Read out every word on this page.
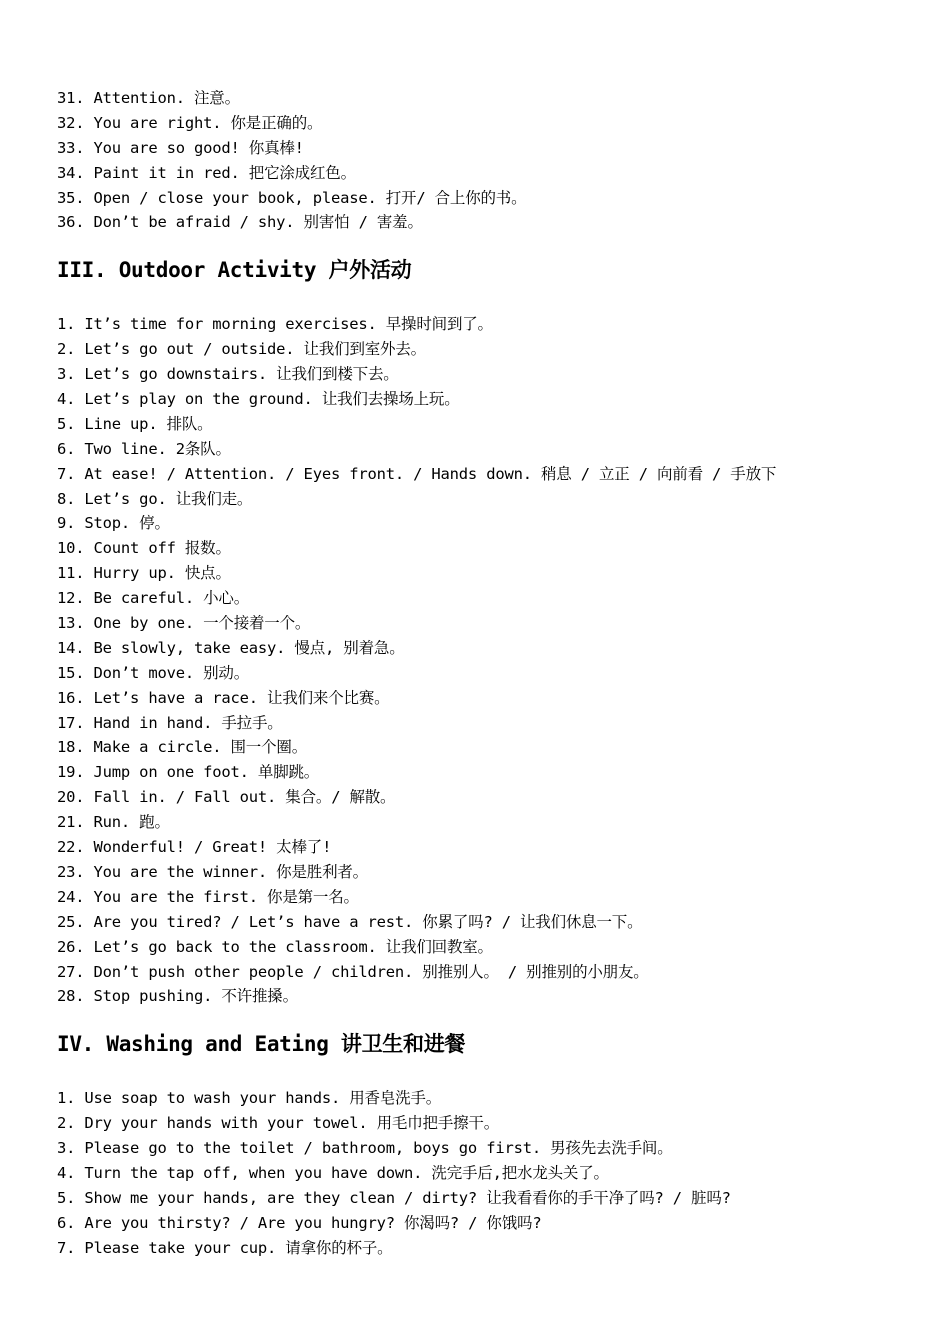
31. Attention. 注意。
32. You are right. 你是正确的。
33. You are so good! 你真棒!
34. Paint it in red. 把它涂成红色。
35. Open / close your book, please. 打开/ 合上你的书。
36. Don’t be afraid / shy. 别害怕 / 害羞。
III. Outdoor Activity 户外活动
1. It’s time for morning exercises. 早操时间到了。
2. Let’s go out / outside. 让我们到室外去。
3. Let’s go downstairs. 让我们到楼下去。
4. Let’s play on the ground. 让我们去操场上玩。
5. Line up. 排队。
6. Two line. 2条队。
7. At ease! / Attention. / Eyes front. / Hands down. 稍息 / 立正 / 向前看 / 手放下
8. Let’s go. 让我们走。
9. Stop. 停。
10. Count off 报数。
11. Hurry up. 快点。
12. Be careful. 小心。
13. One by one. 一个接着一个。
14. Be slowly, take easy. 慢点, 别着急。
15. Don’t move. 别动。
16. Let’s have a race. 让我们来个比赛。
17. Hand in hand. 手拉手。
18. Make a circle. 围一个圈。
19. Jump on one foot. 单脚跳。
20. Fall in. / Fall out. 集合。/ 解散。
21. Run. 跑。
22. Wonderful! / Great! 太棒了!
23. You are the winner. 你是胜利者。
24. You are the first. 你是第一名。
25. Are you tired? / Let’s have a rest. 你累了吗? / 让我们休息一下。
26. Let’s go back to the classroom. 让我们回教室。
27. Don’t push other people / children. 别推别人。 / 别推别的小朋友。
28. Stop pushing. 不许推搡。
IV. Washing and Eating 讲卫生和进餐
1. Use soap to wash your hands. 用香皂洗手。
2. Dry your hands with your towel. 用毛巾把手擦干。
3. Please go to the toilet / bathroom, boys go first. 男孩先去洗手间。
4. Turn the tap off, when you have down. 洗完手后,把水龙头关了。
5. Show me your hands, are they clean / dirty? 让我看看你的手干净了吗? / 脏吗?
6. Are you thirsty? / Are you hungry? 你渴吗? / 你饿吗?
7. Please take your cup. 请拿你的杯子。
